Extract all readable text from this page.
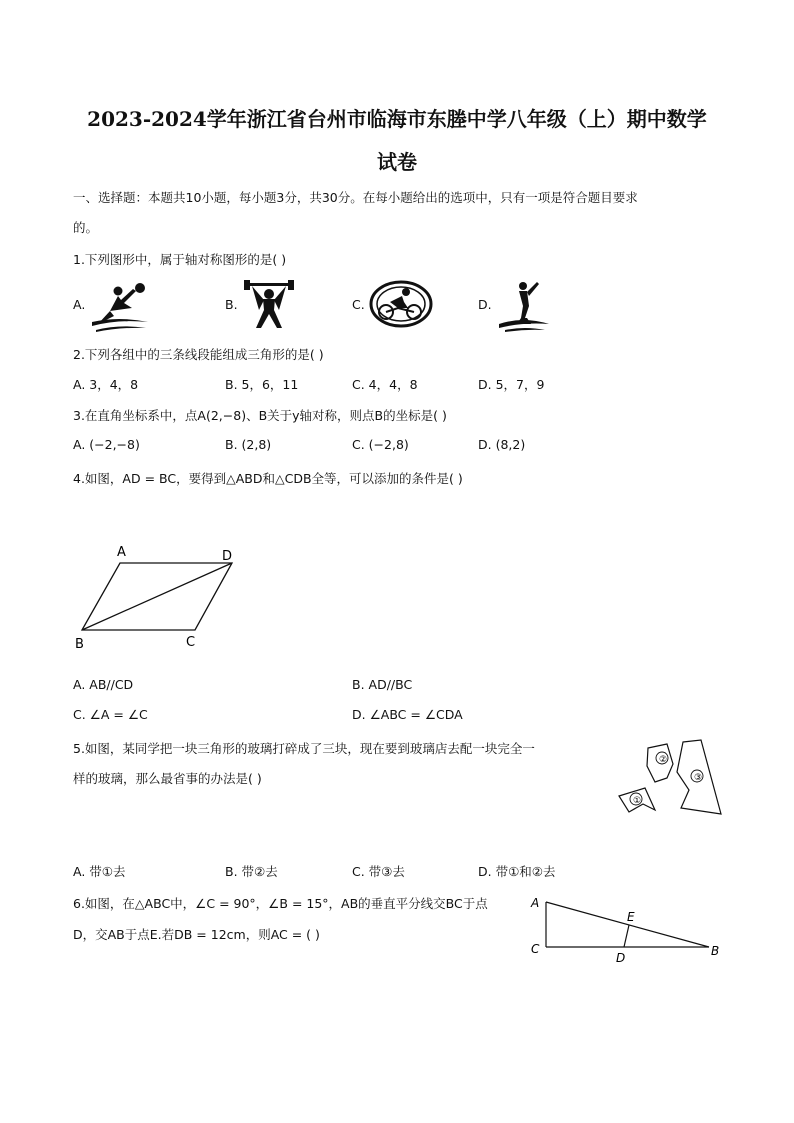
2023-2024学年浙江省台州市临海市东塍中学八年级（上）期中数学
试卷
一、选择题：本题共10小题，每小题3分，共30分。在每小题给出的选项中，只有一项是符合题目要求
的。
1.下列图形中，属于轴对称图形的是( )
A.	B.	C.	D.
2.下列各组中的三条线段能组成三角形的是( )
A. 3，4，8	B. 5，6，11	C. 4，4，8	D. 5，7，9
3.在直角坐标系中，点A(2,−8)、B关于y轴对称，则点B的坐标是( )
A. (−2,−8)	B. (2,8)	C. (−2,8)	D. (8,2)
4.如图，AD = BC，要得到△ABD和△CDB全等，可以添加的条件是( )
A	D
B	C
A. AB//CD	B. AD//BC
C. ∠A = ∠C	D. ∠ABC = ∠CDA
5.如图，某同学把一块三角形的玻璃打碎成了三块，现在要到玻璃店去配一块完全一
样的玻璃，那么最省事的办法是( )
①
②
③
A. 带①去	B. 带②去	C. 带③去	D. 带①和②去
6.如图，在△ABC中，∠C = 90°，∠B = 15°，AB的垂直平分线交BC于点
D，交AB于点E.若DB = 12cm，则AC = ( )
A
E
C
D	B
